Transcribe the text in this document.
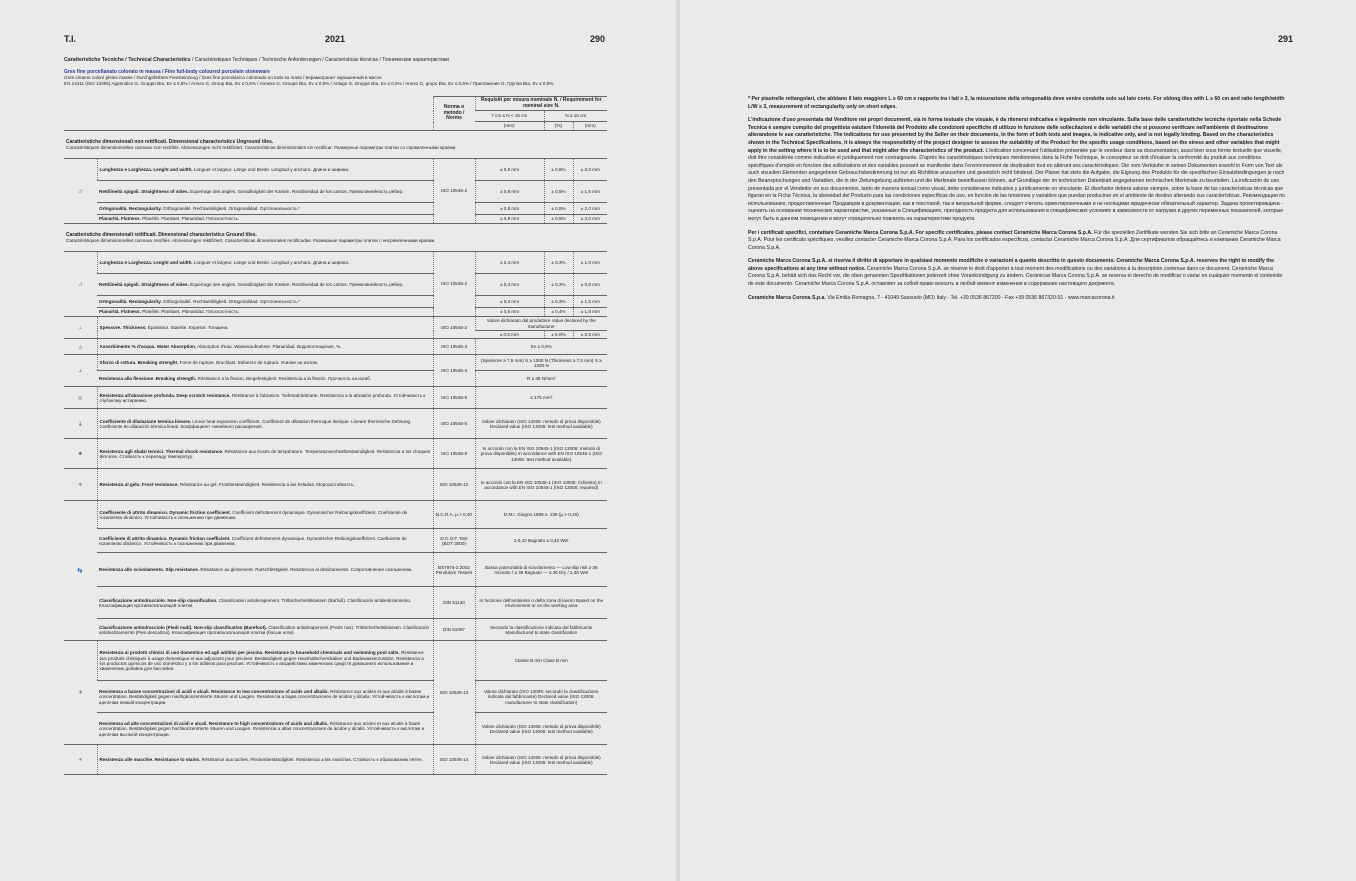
T.I.	2021	290
Caratteristiche Tecniche / Technical Characteristics / Caractéristiques Techniques / Technische Anforderungen / Características técnicas / Технические характеристики
Gres fine porcellanato colorato in massa / Fine full-body coloured porcelain stoneware
Grès cérame coloré pleine masse / Durchgefärbtes Feinsteinzeug / Gres fino porcelánico coloreado en toda su masa / Керамогранит окрашенный в массе
EN 14411 (ISO 13006) Appendice G, Gruppo BIa, Ev ≤ 0,5% / Annex G, Group BIa, Ev ≤ 0,5% / Annexe G, Groupe BIa, Ev ≤ 0,5% / Anlage G, Gruppe BIa, Ev ≤ 0,5% / Anexo G, grupo BIa, Ev ≤ 0,5% / Приложение G, Группа BIa, Ev ≤ 0,5%
		Norma o metodo / Norms	Requisiti per misura nominale N. / Requirement for nominal size N.		
			7 cm ≤ N < 15 cm	N ≥ 15 cm	
			(mm)	(%)	(mm)
Caratteristiche dimensionali non rettificati. Dimensional characteristics Unground tiles.
Caractéristiques dimensionnelles carreaux non rectifiés. Abmessungen nicht rektifiziert. Características dimensionales sin rectificar. Размерные параметры плитки со спрямленными краями.					
◿	Lunghezza e Larghezza. Lenght and width. Longuer et largeur. Länge und Breite. Longitud y anchura. Длина и ширина.	ISO 10545-2	± 0,9 mm	± 0,6%	± 2,0 mm
	Rettilineità spigoli. Straightness of sides. Equerrage des angles. Geradlinigkeit der Kanten. Rectilineidad de los cantos. Прямолинейность рёбер.		± 0,8 mm	± 0,5%	± 1,5 mm
	Ortogonalità. Rectangularity. Orthogonalité. Rechtwinkligkeit. Ortogonalidad. Ортогональность.*		± 0,8 mm	± 0,5%	± 2,0 mm
	Planarità. Flatness. Planéité. Planitaet. Planaridad. Плоскостность.		± 0,8 mm	± 0,5%	± 2,0 mm
Caratteristiche dimensionali rettificati. Dimensional characteristics Ground tiles.
Caractéristiques dimensionnelles carreaux rectifiés. Abmessungen rektifiziert. Características dimensionales rectificadas. Размерные параметры плитки с несрямленными краями.					
◿	Lunghezza e Larghezza. Lenght and width. Longuer et largeur. Länge und Breite. Longitud y anchura. Длина и ширина.	ISO 10545-2	± 0,4 mm	± 0,3%	± 1,0 mm
	Rettilineità spigoli. Straightness of sides. Equerrage des angles. Geradlinigkeit der Kanten. Rectilineidad de los cantos. Прямолинейность рёбер.		± 0,4 mm	± 0,3%	± 0,8 mm
	Ortogonalità. Rectangularity. Orthogonalité. Rechtwinkligkeit. Ortogonalidad. Ортогональность.*		± 0,4 mm	± 0,3%	± 1,5 mm
	Planarità. Flatness. Planéité. Planitaet. Planaridad. Плоскостность.		± 0,6 mm	± 0,4%	± 1,8 mm
⊥	Spessore. Thickness. Epaisseur. Staerke. Espesor. Толщина.	ISO 10545-2	Valore dichiarato dal produttore Value declared by the manufacturer		
			± 0,5 mm	± 5,0%	± 0,5 mm
◬	Assorbimento % d'acqua. Water Absorption. Absorption d'eau. Wasseraufnahme. Planaridad. Водопоглощение, %.	ISO 10545-3	Ev ≤ 0,5%		
⟂	Sforzo di rottura. Breaking strenght. Force de rupture. Bruchlast. Esfuerzo de ruptura. Усилие на излом.	ISO 10545-4	(Spessore ≥ 7,5 mm) S ≥ 1300 N (Thickness ≥ 7,5 mm) S ≥ 1300 N		
	Resistenza alla flessione. Breaking strength. Résistance a la flexion. Biegefestigkeit. Resistencia a la flexión. Прочность на изгиб.		R ≥ 35 N/mm²		
◎	Resistenza all'abrasione profonda. Deep scratch resistance. Résistance à l'abrasion. Tiefenabriebharte. Resistencia a la abrasión profunda. Устойчивость к глубокому истиранию.	ISO 10545-6	≤ 175 mm³		
🌡	Coefficiente di dilatazione termica lineare. Linear heat expansion coefficient. Coefficient de dilatation thermique linéique. Lineare thermische Dehnung. Coeficiente de dilatación térmica lineal. Коэффициент линейного расширения.	ISO 10545-8	Valore dichiarato (ISO 13006: metodo di prova disponibile) Declared value (ISO 13006: test method available)		
✺	Resistenza agli sbalzi termici. Thermal shock resistance. Résistance aux écarts de température. Temperaturwechselbestaendigkeit. Resistencia a los choques térmicos. Стойкость к перепаду температур.	ISO 10545-9	In accordo con la EN ISO 10545-1 (ISO 13006: metodo di prova disponibile) In accordance with EN ISO 10545-1 (ISO 13006: test method available)		
❄	Resistenza al gelo. Frost resistance. Résistance au gel. Frostbestaendigkeit. Resistencia a las heladas. Морозостойкость.	ISO 10545-12	In accordo con la EN ISO 10545-1 (ISO 13006: richiesta) In accordance with EN ISO 10545-1 (ISO 13006: required)		
👣	Coefficiente di attrito dinamico. Dynamic friction coefficient. Coefficient defrottement dynamique. Dynamischer Reibungskoeffizient. Coeficiente de rozamiento dinámico. Устойчивость к скольжению при движении.	B.C.R.A. µ > 0,40	D.M.I. Giugno 1989 n. 236 (µ > 0,40)		
	Coefficiente di attrito dinamico. Dynamic friction coefficient. Coefficient defrottement dynamique. Dynamischer Reibungskoeffizient. Coeficiente de rozamiento dinámico. Устойчивость к скольжению при движении.	D.C.O.F. Test (BOT 3000)	≥ 0,42 Bagnato ≥ 0,42 Wet		
	Resistenza allo scivolamento. Slip resistance. Résistance au glissement. Rutschfestigkeit. Resistencia al deslizamiento. Сопротивление скольжению.	BS7976-2:2002 Pendulum Testers	Bassa potenzialità di scivolamento — Low slip risk ≥ 36 Asciutto / ≥ 36 Bagnato — ≥ 36 Dry / ≥ 36 Wet		
	Classificazione antisdrucciolo. Non-slip classification. Classification antiderapement. Trittsicherheitsklassen (Barfuß). Clasificación antideslizamiento. Классификация противоскользящей плитки.	DIN 51130	In funzione dell'ambiente o della zona di lavoro Based on the environment or on the working area		
	Classificazione antisdrucciolo (Piedi nudi). Non-slip classification (Barefoot). Classification antidérapement (Pieds nus). Trittsicherheitsklassen. Clasificación antideslizamiento (Pies descalzos). Классификация противоскользящей плитки (босые ноги).	DIN 51097	Secondo la classificazione indicata dal fabbricante Manufactured to state classification		
⚗	Resistenza ai prodotti chimici di uso domestico ed agli additivi per piscina. Resistance to household chemicals and swimming pool salts. Résistance aux produits chimiques à usage domestique et aux adjuvants pour piscines. Beständigkeit gegen Haushaltschemikalien und Badewasserzusätze. Resistencia a los productos químicos de uso doméstico y a los aditivos para piscinas. Устойчивость к воздействию химических средств домашнего использования и химических добавок для бассейна.	ISO 10545-13	Classe B min Class B min		
	Resistenza a basse concentrazioni di acidi e alcali. Resistance to low concentrations of acids and alkalis. Résistance aux acides et aux alcalis à basse concentration. Beständigkeit gegen niedrigkonzentrierte Säuren und Laugen. Resistencia a bajas concentraciones de ácidos y álcalis. Устойчивость к кислотам и щелочам низкой концентрации.		Valore dichiarato (ISO 13006: secondo la classificazione indicata dal fabbricante) Declared value (ISO 13006: manufacturer to state classification)		
	Resistenza ad alte concentrazioni di acidi e alcali. Resistance to high concentrations of acids and alkalis. Résistance aux acides et aux alcalis à haute concentration. Beständigkeit gegen hochkonzentrierte Säuren und Laugen. Resistencia a altas concentraciones de ácidos y álcalis. Устойчивость к кислотам и щелочам высокой концентрации.		Valore dichiarato (ISO 13006: metodo di prova disponibile) Declared value (ISO 13006: test method available)		
✳	Resistenza alle macchie. Resistance to stains. Résistance aux taches. Fleckenbeständigkeit. Resistencia a las manchas. Стойкость к образованию пятен.	ISO 10545-14	Valore dichiarato (ISO 13006: metodo di prova disponibile) Declared value (ISO 13006: test method available)		
291

* Per piastrelle rettangolari, che abbiano il lato maggiore L ≥ 60 cm e rapporto tra i lati ≥ 3, la misurazione della ortogonalità deve venire condotta solo sul lato corto. For oblong tiles with L ≥ 60 cm and ratio length/width L/W ≥ 3, measurement of rectangularity only on short edges.

L'indicazione d'uso presentata dal Venditore nei propri documenti, sia in forma testuale che visuale, è da ritenersi indicativa e legalmente non vincolante. Sulla base delle caratteristiche tecniche riportate nella Schede Tecnica è sempre compito del progettista valutare l'idoneità del Prodotto alle condizioni specifiche di utilizzo in funzione delle sollecitazioni e delle variabili che si possono verificare nell'ambiente di destinazione alterandone le sue caratteristiche. The indications for use presented by the Seller on their documents, in the form of both texts and images, is indicative only, and is not legally binding. Based on the characteristics shown in the Technical Specifications, it is always the responsibility of the project designer to assess the suitability of the Product for the specific usage conditions, based on the stress and other variables that might apply in the setting where it is to be used and that might alter the characteristics of the product. L'indication concernant l'utilisation présentée par le vendeur dans sa documentation, aussi bien sous forme textuelle que visuelle, doit être considérée comme indicative et juridiquement non contraignante. D'après les caractéristiques techniques mentionnées dans la Fiche Technique, le concepteur se doit d'évaluer la conformité du produit aux conditions spécifiques d'emploi en fonction des sollicitations et des variables pouvant se manifester dans l'environnement de destination tout en altérant ses caractéristiques. Die vom Verkäufer in seinen Dokumenten sowohl in Form von Text als auch visuellen Elementen angegebene Gebrauchsbestimmung ist nur als Richtlinie anzusehen und gesetzlich nicht bindend. Der Planer hat stets die Aufgabe, die Eignung des Produkts für die spezifischen Einsatzbedingungen je nach den Beanspruchungen und Variablen, die in der Zielumgebung auftreten und die Merkmale beeinflussen können, auf Grundlage der im technischen Datenblatt angegebenen technischen Merkmale zu beurteilen. La indicación de uso presentada por el Vendedor en sus documentos, tanto de manera textual como visual, debe considerarse indicativa y jurídicamente no vinculante. El diseñador deberá valorar siempre, sobre la base de las características técnicas que figuran en la Ficha Técnica, la idoneidad del Producto para las condiciones específicas de uso, en función de las tensiones y variables que puedan producirse en el ambiente de destino alterando sus características. Рекомендации по использованию, предоставленные Продавцом в документации, как в текстовой, так и визуальной форме, следует считать ориентировочными и не носящими юридически обязательный характер. Задача проектировщика - оценить на основании технических характеристик, указанных в Спецификациях, пригодность продукта для использования в специфических условиях в зависимости от нагрузки и других переменных показателей, которые могут быть в данном помещении и могут отрицательно повлиять на характеристики продукта.

Per i certificati specifici, contattare Ceramiche Marca Corona S.p.A. For specific certificates, please contact Ceramiche Marca Corona S.p.A. Für die speziellen Zertifikate wenden Sie sich bitte an Ceramiche Marca Corona S.p.A. Pour les certificats spécifiques, veuillez contacter Ceramiche Marca Corona S.p.A. Para los certificados específicos, contactar Ceramiche Marca Corona S.p.A. Для сертификатов обращайтесь в компанию Ceramiche Marca Corona S.p.A.

Ceramiche Marca Corona S.p.A. si riserva il diritto di apportare in qualsiasi momento modifiche o variazioni a quanto descritto in questo documento. Ceramiche Marca Corona S.p.A. reserves the right to modify the above specifications at any time without notice. Ceramiche Marca Corona S.p.A. se réserve le droit d'apporter à tout moment des modifications ou des variations à la description contenue dans ce document. Ceramiche Marca Corona S.p.A. behält sich das Recht vor, die oben genannten Spezifikationen jederzeit ohne Vorankündigung zu ändern. Cerámicas Marca Corona S.p.A. se reserva el derecho de modificar o variar en cualquier momento el contenido de este documento. Ceramiche Marca Corona S.p.A. оставляет за собой право вносить в любой момент изменения в содержание настоящего документа.

Ceramiche Marca Corona S.p.a. Via Emilia Romagna, 7 - 41049 Sassuolo (MO) Italy - Tel. +39 0536 867200 - Fax +39 0536 867320-51 - www.marcacorona.it
